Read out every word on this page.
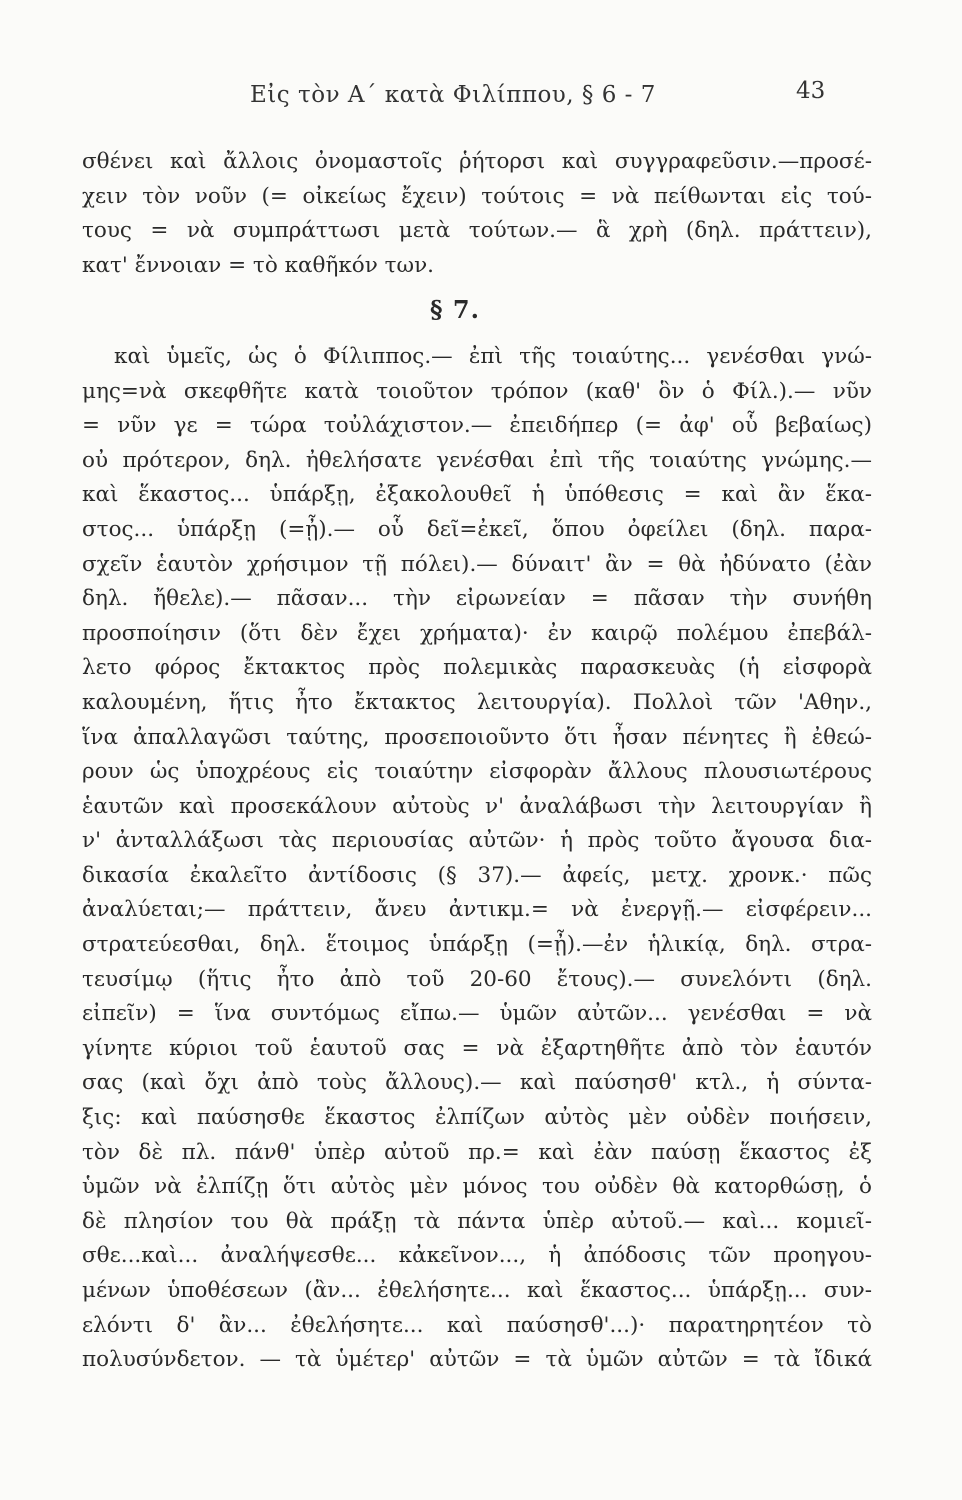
Εἰς τὸν Α΄ κατὰ Φιλίππου, § 6 - 7	43
σθένει καὶ ἄλλοις ὀνομαστοῖς ῥήτορσι καὶ συγγραφεῦσιν.—προσέ-
χειν τὸν νοῦν (= οἰκείως ἔχειν) τούτοις = νὰ πείθωνται εἰς τού-
τους = νὰ συμπράττωσι μετὰ τούτων.— ἃ χρὴ (δηλ. πράττειν),
κατ' ἔννοιαν = τὸ καθῆκόν των.
§ 7.
καὶ ὑμεῖς, ὡς ὁ Φίλιππος.— ἐπὶ τῆς τοιαύτης... γενέσθαι γνώ-
μης=νὰ σκεφθῆτε κατὰ τοιοῦτον τρόπον (καθ' ὃν ὁ Φίλ.).— νῦν
= νῦν γε = τώρα τοὐλάχιστον.— ἐπειδήπερ (= ἀφ' οὗ βεβαίως)
οὐ πρότερον, δηλ. ἠθελήσατε γενέσθαι ἐπὶ τῆς τοιαύτης γνώμης.—
καὶ ἕκαστος... ὑπάρξῃ, ἐξακολουθεῖ ἡ ὑπόθεσις = καὶ ἂν ἕκα-
στος... ὑπάρξῃ (=ᾖ).— οὗ δεῖ=ἐκεῖ, ὅπου ὀφείλει (δηλ. παρα-
σχεῖν ἑαυτὸν χρήσιμον τῇ πόλει).— δύναιτ' ἂν = θὰ ἠδύνατο (ἐὰν
δηλ. ἤθελε).— πᾶσαν... τὴν εἰρωνείαν = πᾶσαν τὴν συνήθη
προσποίησιν (ὅτι δὲν ἔχει χρήματα)· ἐν καιρῷ πολέμου ἐπεβάλ-
λετο φόρος ἔκτακτος πρὸς πολεμικὰς παρασκευὰς (ἡ εἰσφορὰ
καλουμένη, ἥτις ἦτο ἔκτακτος λειτουργία). Πολλοὶ τῶν 'Αθην.,
ἵνα ἀπαλλαγῶσι ταύτης, προσεποιοῦντο ὅτι ἦσαν πένητες ἢ ἐθεώ-
ρουν ὡς ὑποχρέους εἰς τοιαύτην εἰσφορὰν ἄλλους πλουσιωτέρους
ἑαυτῶν καὶ προσεκάλουν αὐτοὺς ν' ἀναλάβωσι τὴν λειτουργίαν ἢ
ν' ἀνταλλάξωσι τὰς περιουσίας αὐτῶν· ἡ πρὸς τοῦτο ἄγουσα δια-
δικασία ἐκαλεῖτο ἀντίδοσις (§ 37).— ἀφείς, μετχ. χρονκ.· πῶς
ἀναλύεται;— πράττειν, ἄνευ ἀντικμ.= νὰ ἐνεργῇ.— εἰσφέρειν...
στρατεύεσθαι, δηλ. ἕτοιμος ὑπάρξῃ (=ᾖ).—ἐν ἡλικίᾳ, δηλ. στρα-
τευσίμῳ (ἥτις ἦτο ἀπὸ τοῦ 20-60 ἔτους).— συνελόντι (δηλ.
εἰπεῖν) = ἵνα συντόμως εἴπω.— ὑμῶν αὐτῶν... γενέσθαι = νὰ
γίνητε κύριοι τοῦ ἑαυτοῦ σας = νὰ ἐξαρτηθῆτε ἀπὸ τὸν ἑαυτόν
σας (καὶ ὄχι ἀπὸ τοὺς ἄλλους).— καὶ παύσησθ' κτλ., ἡ σύντα-
ξις: καὶ παύσησθε ἕκαστος ἐλπίζων αὐτὸς μὲν οὐδὲν ποιήσειν,
τὸν δὲ πλ. πάνθ' ὑπὲρ αὐτοῦ πρ.= καὶ ἐὰν παύσῃ ἕκαστος ἐξ
ὑμῶν νὰ ἐλπίζῃ ὅτι αὐτὸς μὲν μόνος του οὐδὲν θὰ κατορθώσῃ, ὁ
δὲ πλησίον του θὰ πράξῃ τὰ πάντα ὑπὲρ αὐτοῦ.— καὶ... κομιεῖ-
σθε...καὶ... ἀναλήψεσθε... κἀκεῖνον..., ἡ ἀπόδοσις τῶν προηγου-
μένων ὑποθέσεων (ἂν... ἐθελήσητε... καὶ ἕκαστος... ὑπάρξῃ... συν-
ελόντι δ' ἂν... ἐθελήσητε... καὶ παύσησθ'...)· παρατηρητέον τὸ
πολυσύνδετον. — τὰ ὑμέτερ' αὐτῶν = τὰ ὑμῶν αὐτῶν = τὰ ἴδικά
